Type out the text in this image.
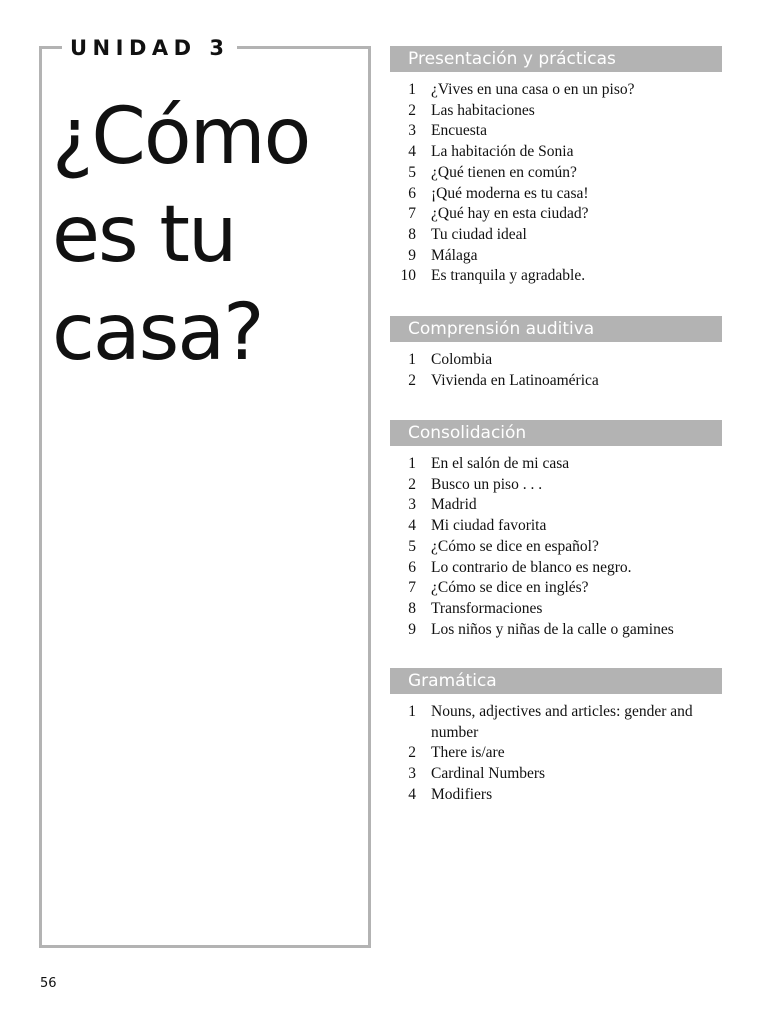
UNIDAD 3
¿Cómo
es tu
casa?
Presentación y prácticas
1 ¿Vives en una casa o en un piso?
2 Las habitaciones
3 Encuesta
4 La habitación de Sonia
5 ¿Qué tienen en común?
6 ¡Qué moderna es tu casa!
7 ¿Qué hay en esta ciudad?
8 Tu ciudad ideal
9 Málaga
10 Es tranquila y agradable.
Comprensión auditiva
1 Colombia
2 Vivienda en Latinoamérica
Consolidación
1 En el salón de mi casa
2 Busco un piso . . .
3 Madrid
4 Mi ciudad favorita
5 ¿Cómo se dice en español?
6 Lo contrario de blanco es negro.
7 ¿Cómo se dice en inglés?
8 Transformaciones
9 Los niños y niñas de la calle o gamines
Gramática
1 Nouns, adjectives and articles: gender and number
2 There is/are
3 Cardinal Numbers
4 Modifiers
56
